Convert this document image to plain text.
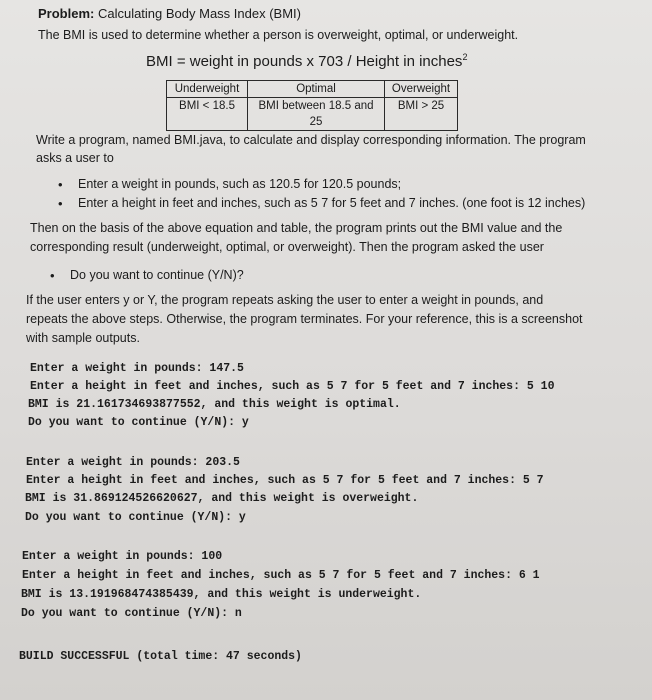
Problem: Calculating Body Mass Index (BMI)
The BMI is used to determine whether a person is overweight, optimal, or underweight.
BMI = weight in pounds x 703 / Height in inches$^2$
Underweight	Optimal	Overweight
BMI < 18.5	BMI between 18.5 and	BMI > 25
	25	
Write a program, named BMI.java, to calculate and display corresponding information. The program
asks a user to
• Enter a weight in pounds, such as 120.5 for 120.5 pounds;
• Enter a height in feet and inches, such as 5 7 for 5 feet and 7 inches. (one foot is 12 inches)
Then on the basis of the above equation and table, the program prints out the BMI value and the
corresponding result (underweight, optimal, or overweight). Then the program asked the user
• Do you want to continue (Y/N)?
If the user enters y or Y, the program repeats asking the user to enter a weight in pounds, and
repeats the above steps. Otherwise, the program terminates. For your reference, this is a screenshot
with sample outputs.
Enter a weight in pounds: 147.5
Enter a height in feet and inches, such as 5 7 for 5 feet and 7 inches: 5 10
BMI is 21.161734693877552, and this weight is optimal.
Do you want to continue (Y/N): y
Enter a weight in pounds: 203.5
Enter a height in feet and inches, such as 5 7 for 5 feet and 7 inches: 5 7
BMI is 31.869124526620627, and this weight is overweight.
Do you want to continue (Y/N): y
Enter a weight in pounds: 100
Enter a height in feet and inches, such as 5 7 for 5 feet and 7 inches: 6 1
BMI is 13.191968474385439, and this weight is underweight.
Do you want to continue (Y/N): n
BUILD SUCCESSFUL (total time: 47 seconds)
